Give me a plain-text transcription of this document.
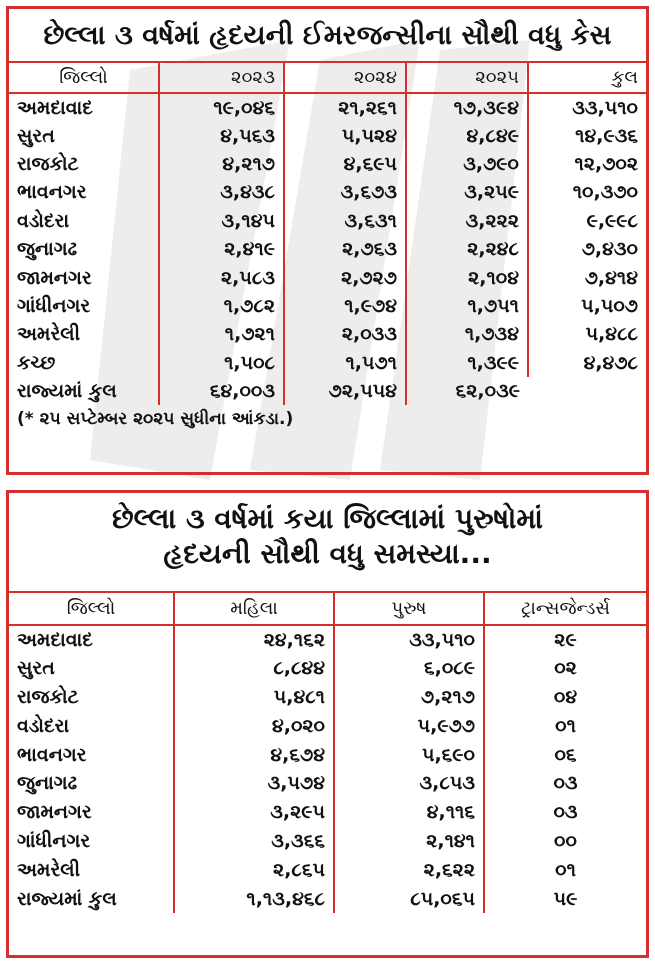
છેલ્લા ૩ વર્ષમાં હૃદયની ઈમરજન્સીના સૌથી વધુ કેસ
જિલ્લો	૨૦૨૩	૨૦૨૪	૨૦૨૫	કુલ
અમદાવાદ	૧૯,૦૪૬	૨૧,૨૬૧	૧૭,૩૯૪	૩૩,૫૧૦
સુરત	૪,૫૬૩	૫,૫૨૪	૪,૮૪૯	૧૪,૯૩૬
રાજકોટ	૪,૨૧૭	૪,૬૯૫	૩,૭૯૦	૧૨,૭૦૨
ભાવનગર	૩,૪૩૮	૩,૬૭૩	૩,૨૫૯	૧૦,૩૭૦
વડોદરા	૩,૧૪૫	૩,૬૩૧	૩,૨૨૨	૯,૯૯૮
જુનાગઢ	૨,૪૧૯	૨,૭૬૩	૨,૨૪૮	૭,૪૩૦
જામનગર	૨,૫૮૩	૨,૭૨૭	૨,૧૦૪	૭,૪૧૪
ગાંધીનગર	૧,૭૮૨	૧,૯૭૪	૧,૭૫૧	૫,૫૦૭
અમરેલી	૧,૭૨૧	૨,૦૩૩	૧,૭૩૪	૫,૪૮૮
કચ્છ	૧,૫૦૮	૧,૫૭૧	૧,૩૯૯	૪,૪૭૮
રાજ્યમાં કુલ	૬૪,૦૦૩	૭૨,૫૫૪	૬૨,૦૩૯	
(* ૨૫ સપ્ટેમ્બર ૨૦૨૫ સુધીના આંકડા.)
છેલ્લા ૩ વર્ષમાં કયા જિલ્લામાં પુરુષોમાં
હૃદયની સૌથી વધુ સમસ્યા...
જિલ્લો	મહિલા	પુરુષ	ટ્રાન્સજેન્ડર્સ
અમદાવાદ	૨૪,૧૬૨	૩૩,૫૧૦	૨૯
સુરત	૮,૮૪૪	૬,૦૮૯	૦૨
રાજકોટ	૫,૪૮૧	૭,૨૧૭	૦૪
વડોદરા	૪,૦૨૦	૫,૯૭૭	૦૧
ભાવનગર	૪,૬૭૪	૫,૬૯૦	૦૬
જુનાગઢ	૩,૫૭૪	૩,૮૫૩	૦૩
જામનગર	૩,૨૯૫	૪,૧૧૬	૦૩
ગાંધીનગર	૩,૩૬૬	૨,૧૪૧	૦૦
અમરેલી	૨,૮૬૫	૨,૬૨૨	૦૧
રાજ્યમાં કુલ	૧,૧૩,૪૬૮	૮૫,૦૬૫	૫૯
